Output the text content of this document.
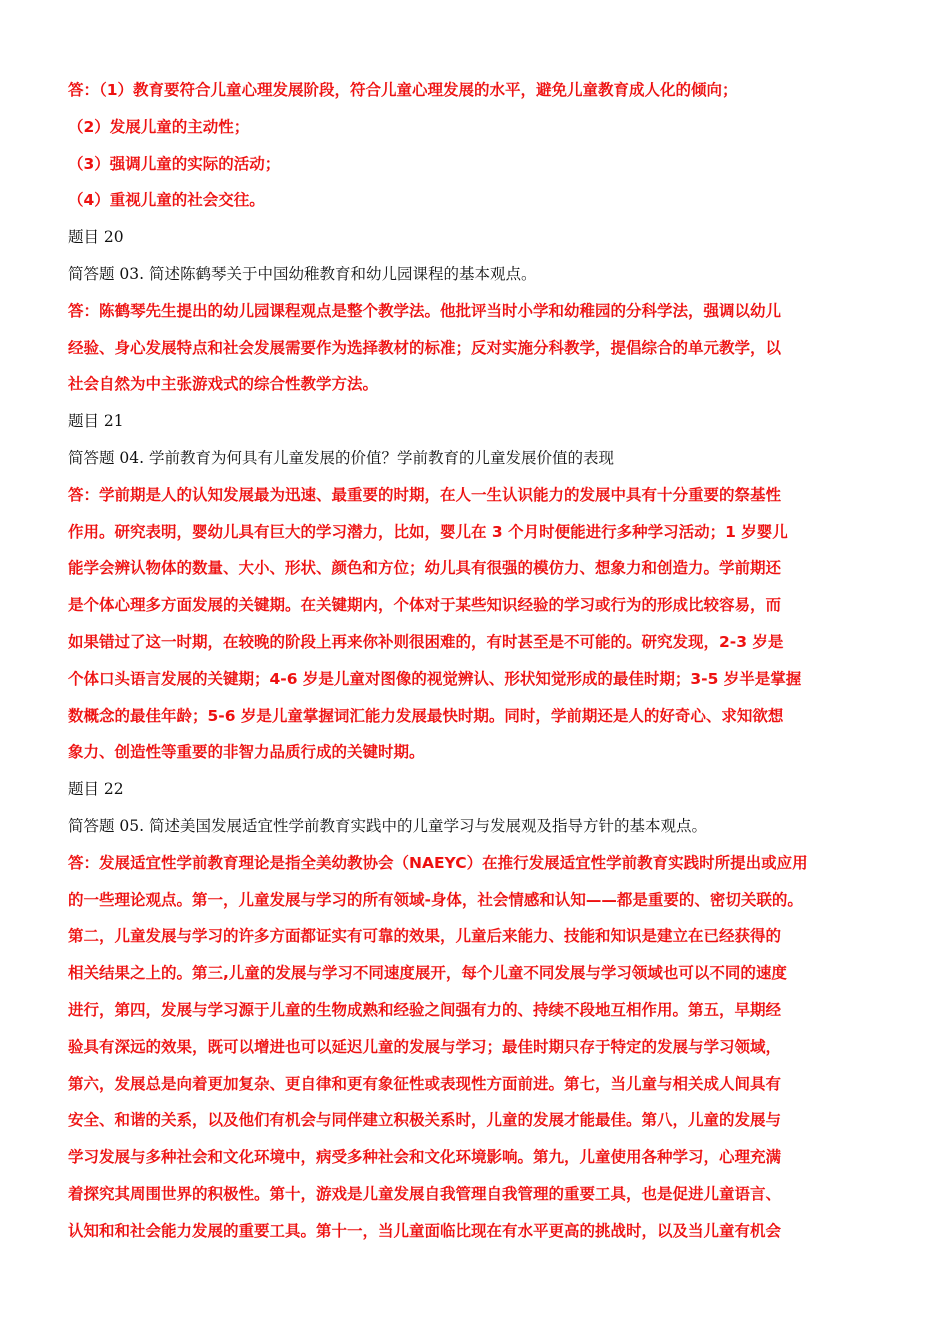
答：（1）教育要符合儿童心理发展阶段，符合儿童心理发展的水平，避免儿童教育成人化的倾向；
（2）发展儿童的主动性；
（3）强调儿童的实际的活动；
（4）重视儿童的社会交往。
题目 20
简答题 03. 简述陈鹤琴关于中国幼稚教育和幼儿园课程的基本观点。
答：陈鹤琴先生提出的幼儿园课程观点是整个教学法。他批评当时小学和幼稚园的分科学法，强调以幼儿
经验、身心发展特点和社会发展需要作为选择教材的标准；反对实施分科教学，提倡综合的单元教学，以
社会自然为中主张游戏式的综合性教学方法。
题目 21
简答题 04. 学前教育为何具有儿童发展的价值？学前教育的儿童发展价值的表现
答：学前期是人的认知发展最为迅速、最重要的时期，在人一生认识能力的发展中具有十分重要的祭基性
作用。研究表明，婴幼儿具有巨大的学习潜力，比如，婴儿在 3 个月时便能进行多种学习活动；1 岁婴儿
能学会辨认物体的数量、大小、形状、颜色和方位；幼儿具有很强的模仿力、想象力和创造力。学前期还
是个体心理多方面发展的关键期。在关键期内，个体对于某些知识经验的学习或行为的形成比较容易，而
如果错过了这一时期，在较晚的阶段上再来你补则很困难的，有时甚至是不可能的。研究发现，2-3 岁是
个体口头语言发展的关键期；4-6 岁是儿童对图像的视觉辨认、形状知觉形成的最佳时期；3-5 岁半是掌握
数概念的最佳年龄；5-6 岁是儿童掌握词汇能力发展最快时期。同时，学前期还是人的好奇心、求知欲想
象力、创造性等重要的非智力品质行成的关键时期。
题目 22
简答题 05. 简述美国发展适宜性学前教育实践中的儿童学习与发展观及指导方针的基本观点。
答：发展适宜性学前教育理论是指全美幼教协会（NAEYC）在推行发展适宜性学前教育实践时所提出或应用
的一些理论观点。第一，儿童发展与学习的所有领域-身体，社会情感和认知——都是重要的、密切关联的。
第二，儿童发展与学习的许多方面都证实有可靠的效果，儿童后来能力、技能和知识是建立在已经获得的
相关结果之上的。第三,儿童的发展与学习不同速度展开，每个儿童不同发展与学习领域也可以不同的速度
进行，第四，发展与学习源于儿童的生物成熟和经验之间强有力的、持续不段地互相作用。第五，早期经
验具有深远的效果，既可以增进也可以延迟儿童的发展与学习；最佳时期只存于特定的发展与学习领域，
第六，发展总是向着更加复杂、更自律和更有象征性或表现性方面前进。第七，当儿童与相关成人间具有
安全、和谐的关系，以及他们有机会与同伴建立积极关系时，儿童的发展才能最佳。第八，儿童的发展与
学习发展与多种社会和文化环境中，病受多种社会和文化环境影响。第九，儿童使用各种学习，心理充满
着探究其周围世界的积极性。第十，游戏是儿童发展自我管理自我管理的重要工具，也是促进儿童语言、
认知和和社会能力发展的重要工具。第十一，当儿童面临比现在有水平更高的挑战时，以及当儿童有机会
